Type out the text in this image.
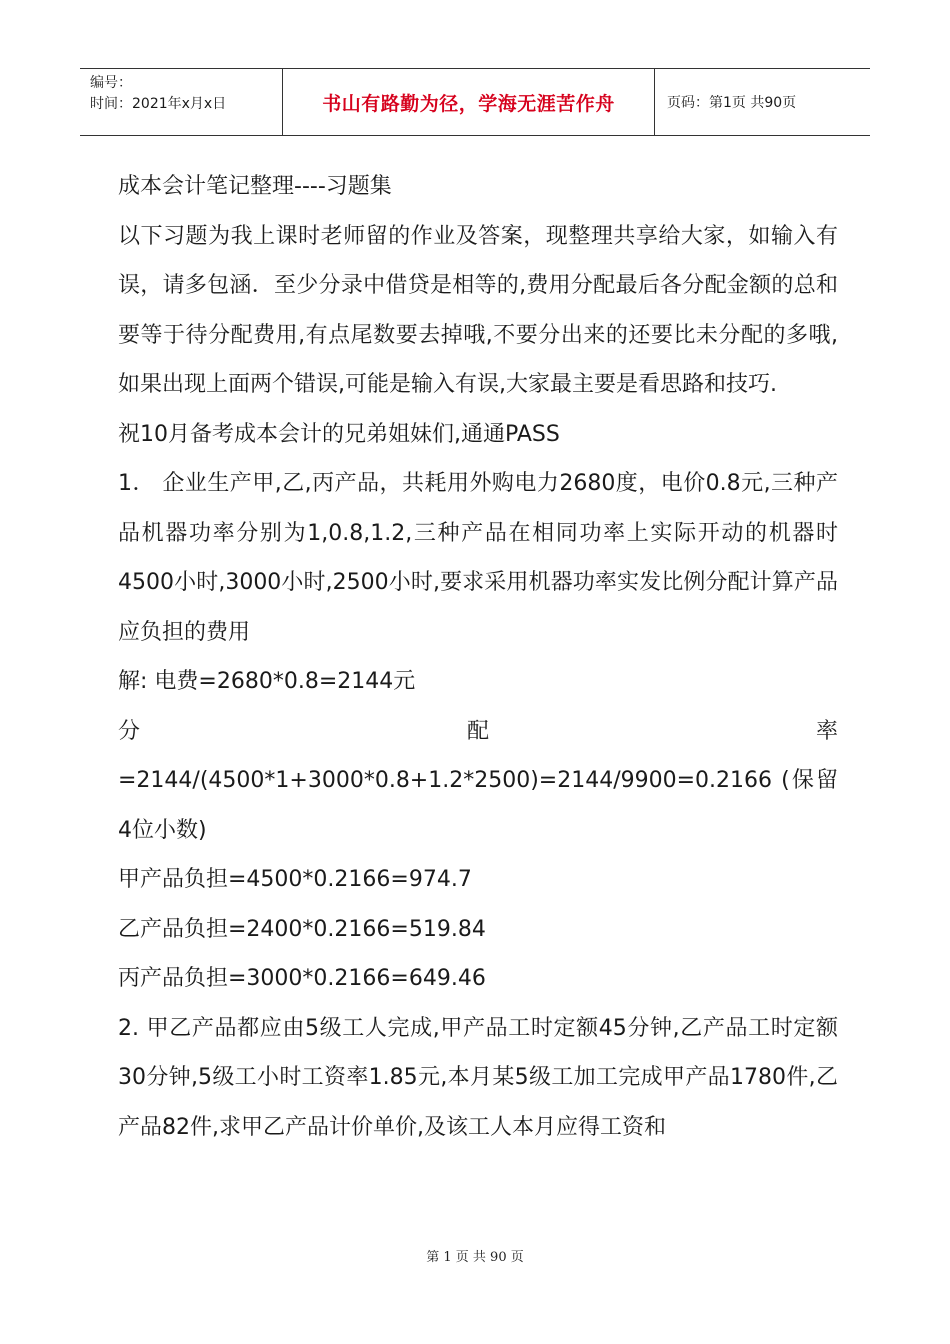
编号：
时间：2021年x月x日	书山有路勤为径，学海无涯苦作舟	页码：第1页 共90页

成本会计笔记整理----习题集

以下习题为我上课时老师留的作业及答案，现整理共享给大家，如输入有误，请多包涵．至少分录中借贷是相等的,费用分配最后各分配金额的总和要等于待分配费用,有点尾数要去掉哦,不要分出来的还要比未分配的多哦,如果出现上面两个错误,可能是输入有误,大家最主要是看思路和技巧.

祝10月备考成本会计的兄弟姐妹们,通通PASS

1． 企业生产甲,乙,丙产品，共耗用外购电力2680度，电价0.8元,三种产品机器功率分别为1,0.8,1.2,三种产品在相同功率上实际开动的机器时4500小时,3000小时,2500小时,要求采用机器功率实发比例分配计算产品应负担的费用

解: 电费=2680*0.8=2144元

分配率=2144/(4500*1+3000*0.8+1.2*2500)=2144/9900=0.2166 (保留4位小数)

甲产品负担=4500*0.2166=974.7

乙产品负担=2400*0.2166=519.84

丙产品负担=3000*0.2166=649.46

2. 甲乙产品都应由5级工人完成,甲产品工时定额45分钟,乙产品工时定额30分钟,5级工小时工资率1.85元,本月某5级工加工完成甲产品1780件,乙产品82件,求甲乙产品计价单价,及该工人本月应得工资和

第 1 页 共 90 页
